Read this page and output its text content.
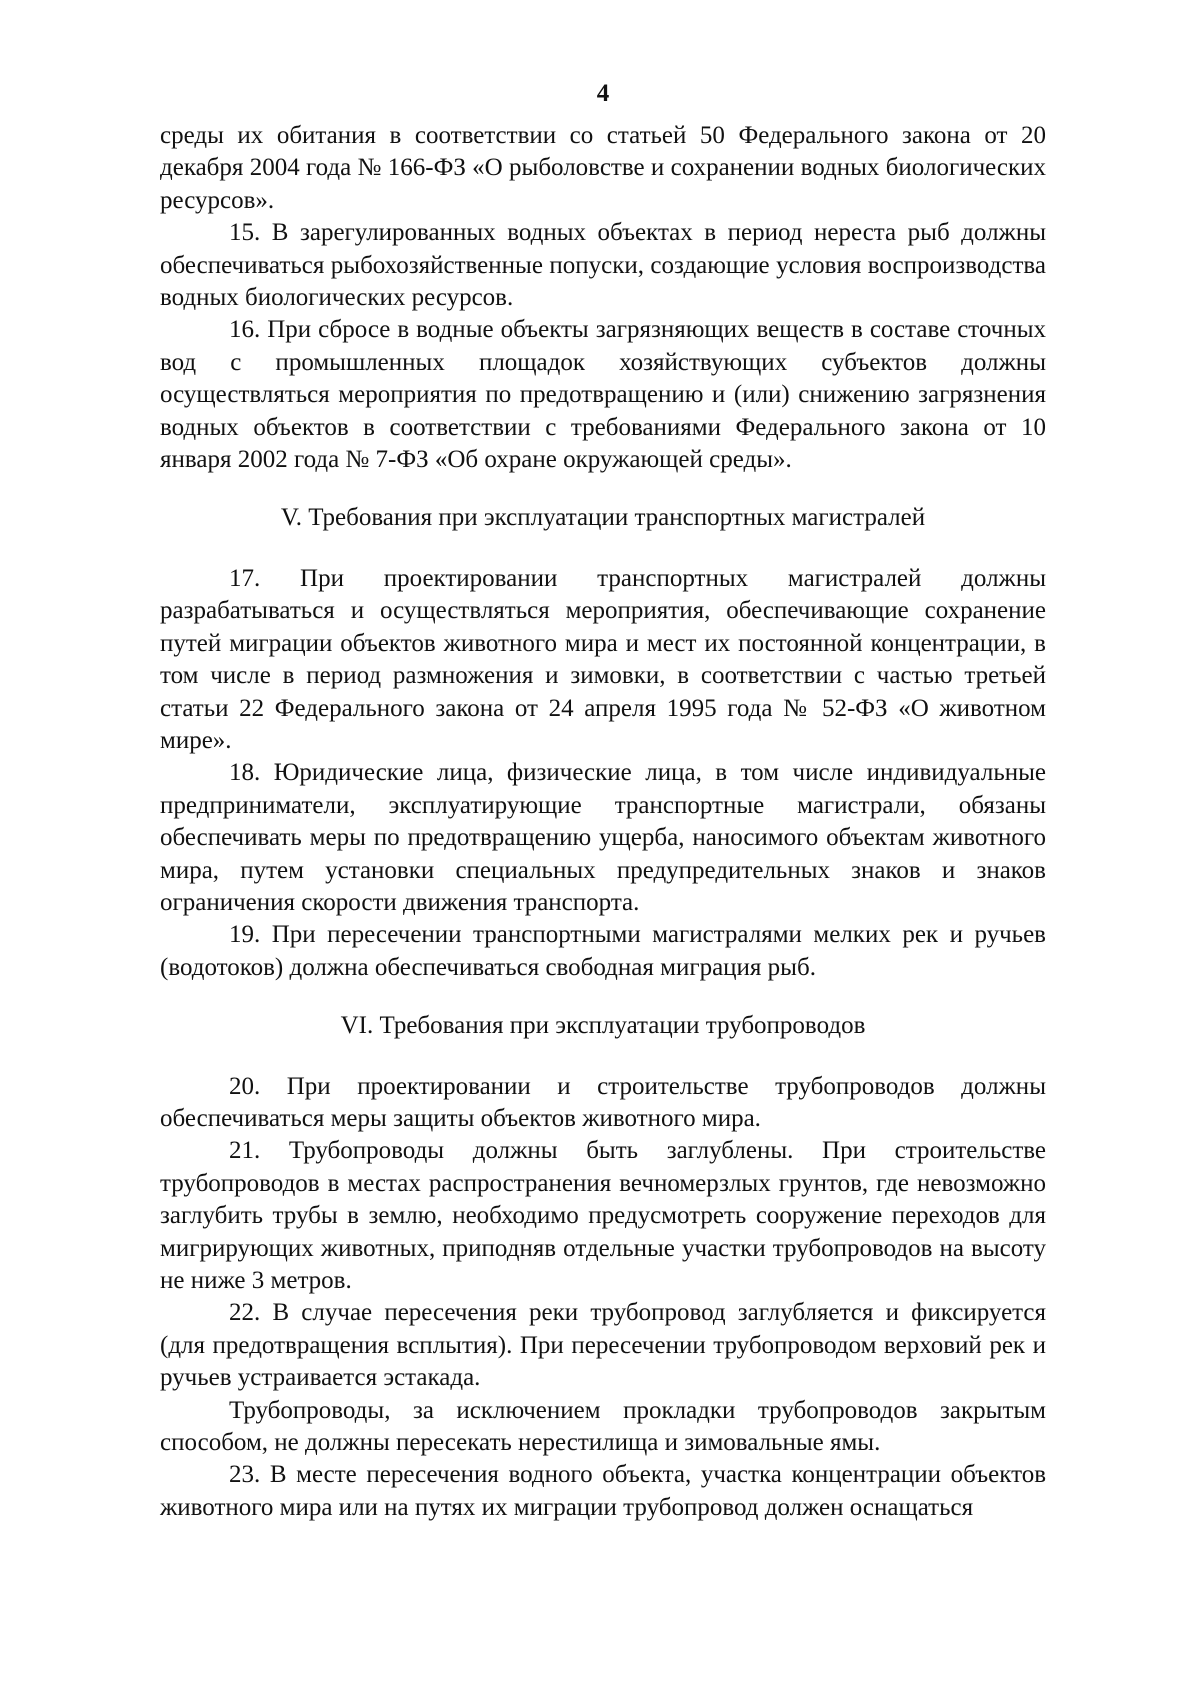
4

среды их обитания в соответствии со статьей 50 Федерального закона от 20 декабря 2004 года № 166-ФЗ «О рыболовстве и сохранении водных биологических ресурсов».

15. В зарегулированных водных объектах в период нереста рыб должны обеспечиваться рыбохозяйственные попуски, создающие условия воспроизводства водных биологических ресурсов.

16. При сбросе в водные объекты загрязняющих веществ в составе сточных вод с промышленных площадок хозяйствующих субъектов должны осуществляться мероприятия по предотвращению и (или) снижению загрязнения водных объектов в соответствии с требованиями Федерального закона от 10 января 2002 года № 7-ФЗ «Об охране окружающей среды».

V. Требования при эксплуатации транспортных магистралей

17. При проектировании транспортных магистралей должны разрабатываться и осуществляться мероприятия, обеспечивающие сохранение путей миграции объектов животного мира и мест их постоянной концентрации, в том числе в период размножения и зимовки, в соответствии с частью третьей статьи 22 Федерального закона от 24 апреля 1995 года № 52-ФЗ «О животном мире».

18. Юридические лица, физические лица, в том числе индивидуальные предприниматели, эксплуатирующие транспортные магистрали, обязаны обеспечивать меры по предотвращению ущерба, наносимого объектам животного мира, путем установки специальных предупредительных знаков и знаков ограничения скорости движения транспорта.

19. При пересечении транспортными магистралями мелких рек и ручьев (водотоков) должна обеспечиваться свободная миграция рыб.

VI. Требования при эксплуатации трубопроводов

20. При проектировании и строительстве трубопроводов должны обеспечиваться меры защиты объектов животного мира.

21. Трубопроводы должны быть заглублены. При строительстве трубопроводов в местах распространения вечномерзлых грунтов, где невозможно заглубить трубы в землю, необходимо предусмотреть сооружение переходов для мигрирующих животных, приподняв отдельные участки трубопроводов на высоту не ниже 3 метров.

22. В случае пересечения реки трубопровод заглубляется и фиксируется (для предотвращения всплытия). При пересечении трубопроводом верховий рек и ручьев устраивается эстакада.

Трубопроводы, за исключением прокладки трубопроводов закрытым способом, не должны пересекать нерестилища и зимовальные ямы.

23. В месте пересечения водного объекта, участка концентрации объектов животного мира или на путях их миграции трубопровод должен оснащаться
